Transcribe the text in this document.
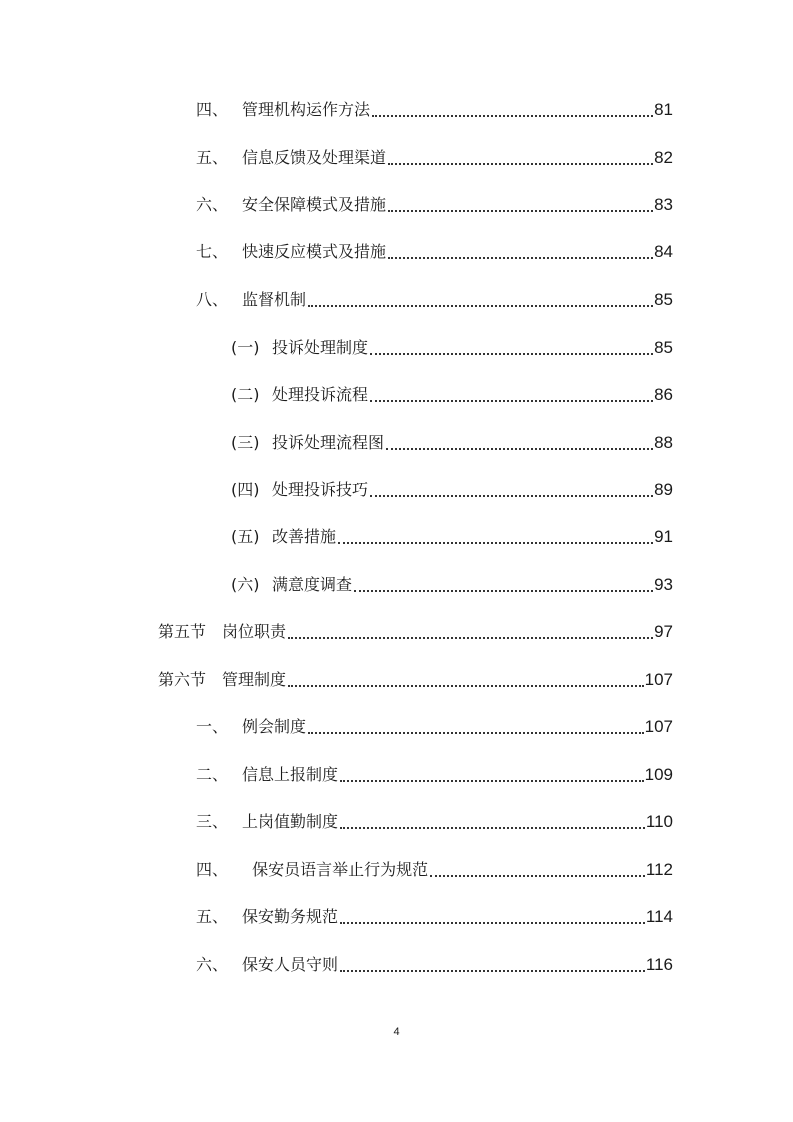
四、 管理机构运作方法	81
五、 信息反馈及处理渠道	82
六、 安全保障模式及措施	83
七、 快速反应模式及措施	84
八、 监督机制	85
(一) 投诉处理制度	85
(二) 处理投诉流程	86
(三) 投诉处理流程图	88
(四) 处理投诉技巧	89
(五) 改善措施	91
(六) 满意度调查	93
第五节 岗位职责	97
第六节 管理制度	107
一、 例会制度	107
二、 信息上报制度	109
三、 上岗值勤制度	110
四、 保安员语言举止行为规范	112
五、 保安勤务规范	114
六、 保安人员守则	116
4
